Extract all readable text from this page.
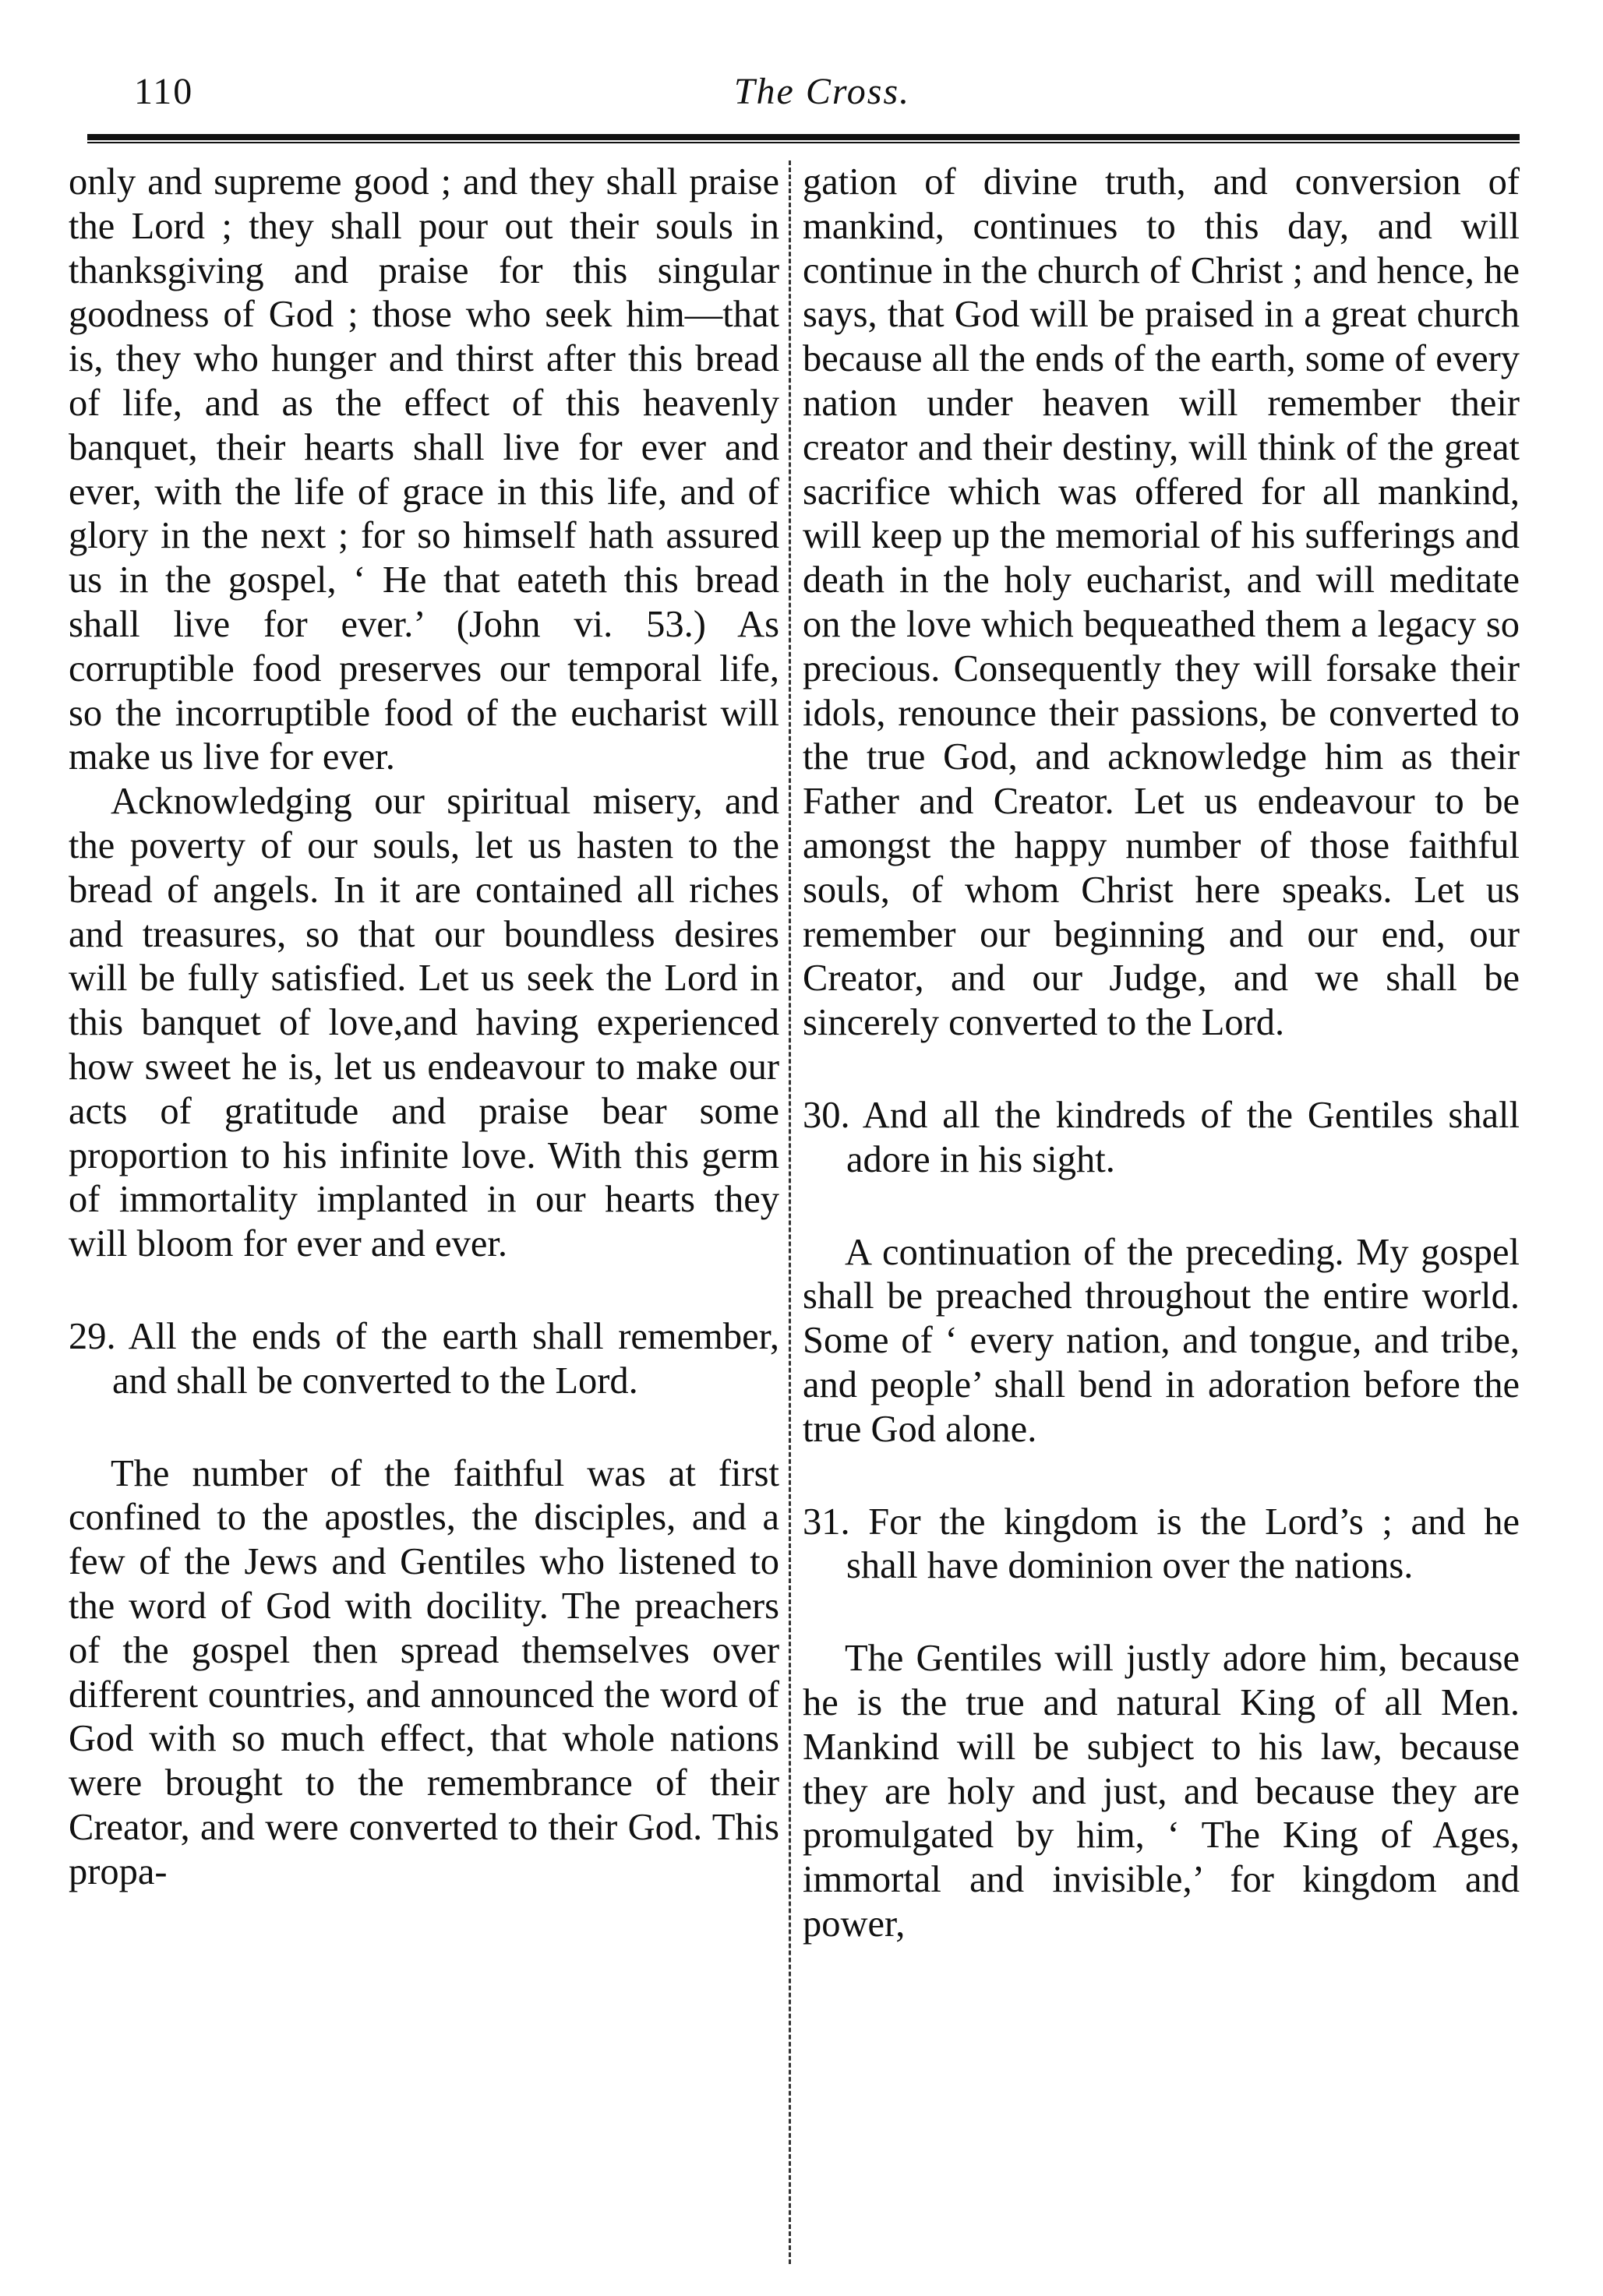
110	The Cross.

only and supreme good ; and they shall praise the Lord ; they shall pour out their souls in thanksgiving and praise for this singular goodness of God ; those who seek him—that is, they who hunger and thirst after this bread of life, and as the effect of this heavenly banquet, their hearts shall live for ever and ever, with the life of grace in this life, and of glory in the next ; for so himself hath assured us in the gospel, ‘ He that eateth this bread shall live for ever.’ (John vi. 53.) As corruptible food preserves our temporal life, so the incorruptible food of the eucharist will make us live for ever.

Acknowledging our spiritual misery, and the poverty of our souls, let us hasten to the bread of angels. In it are contained all riches and treasures, so that our boundless desires will be fully satisfied. Let us seek the Lord in this banquet of love,and having experienced how sweet he is, let us endeavour to make our acts of gratitude and praise bear some proportion to his infinite love. With this germ of immortality implanted in our hearts they will bloom for ever and ever.

29. All the ends of the earth shall remember, and shall be converted to the Lord.

The number of the faithful was at first confined to the apostles, the disciples, and a few of the Jews and Gentiles who listened to the word of God with docility. The preachers of the gospel then spread themselves over different countries, and announced the word of God with so much effect, that whole nations were brought to the remembrance of their Creator, and were converted to their God. This propa-

gation of divine truth, and conversion of mankind, continues to this day, and will continue in the church of Christ ; and hence, he says, that God will be praised in a great church because all the ends of the earth, some of every nation under heaven will remember their creator and their destiny, will think of the great sacrifice which was offered for all mankind, will keep up the memorial of his sufferings and death in the holy eucharist, and will meditate on the love which bequeathed them a legacy so precious. Consequently they will forsake their idols, renounce their passions, be converted to the true God, and acknowledge him as their Father and Creator. Let us endeavour to be amongst the happy number of those faithful souls, of whom Christ here speaks. Let us remember our beginning and our end, our Creator, and our Judge, and we shall be sincerely converted to the Lord.

30. And all the kindreds of the Gentiles shall adore in his sight.

A continuation of the preceding. My gospel shall be preached throughout the entire world. Some of ‘ every nation, and tongue, and tribe, and people’ shall bend in adoration before the true God alone.

31. For the kingdom is the Lord’s ; and he shall have dominion over the nations.

The Gentiles will justly adore him, because he is the true and natural King of all Men. Mankind will be subject to his law, because they are holy and just, and because they are promulgated by him, ‘ The King of Ages, immortal and invisible,’ for kingdom and power,
